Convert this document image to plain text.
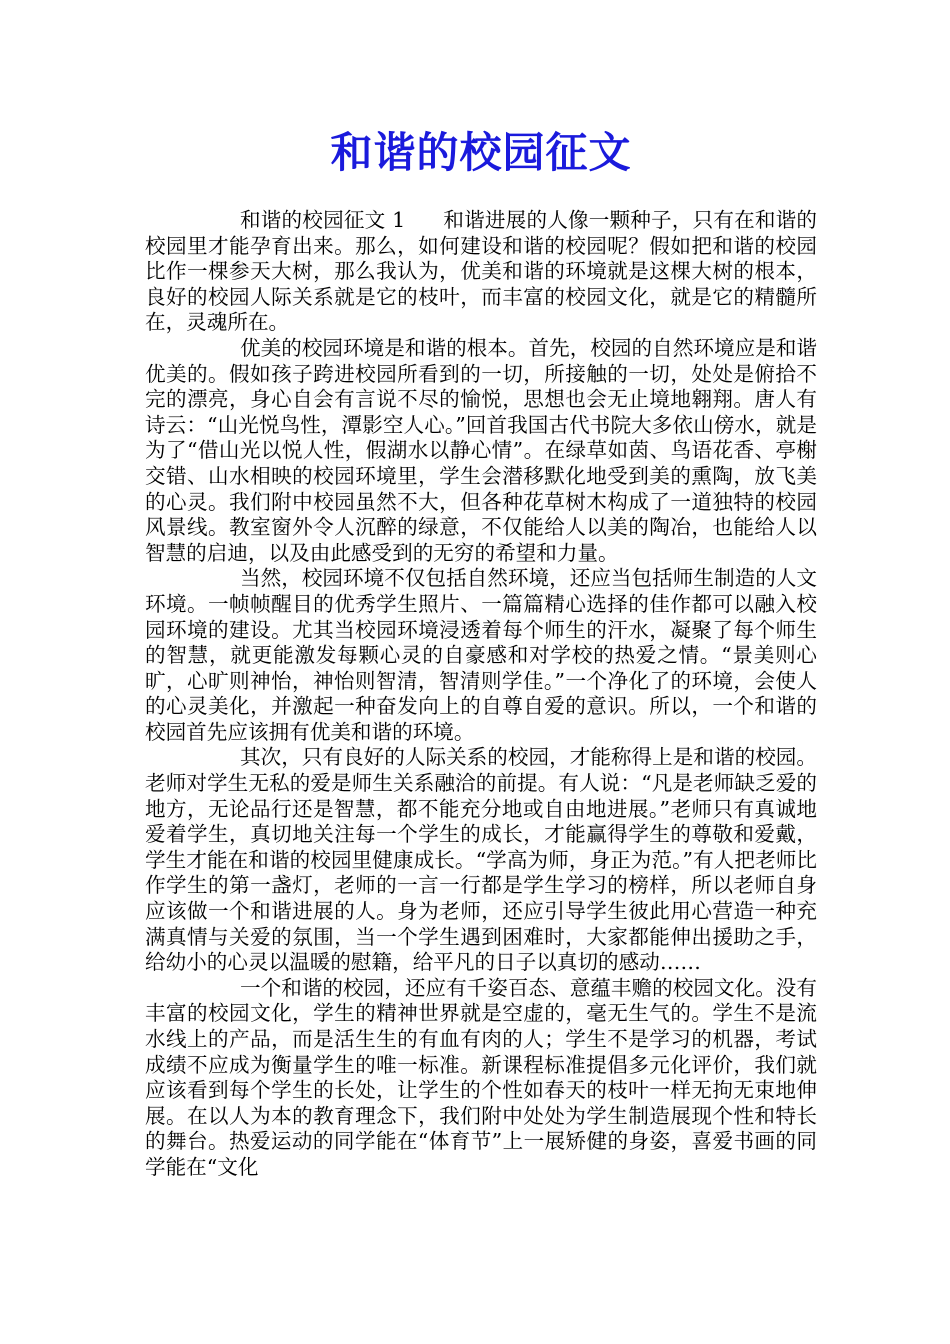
和谐的校园征文

和谐的校园征文 1 和谐进展的人像一颗种子，只有在和谐的校园里才能孕育出来。那么，如何建设和谐的校园呢？假如把和谐的校园比作一棵参天大树，那么我认为，优美和谐的环境就是这棵大树的根本，良好的校园人际关系就是它的枝叶，而丰富的校园文化，就是它的精髓所在，灵魂所在。

优美的校园环境是和谐的根本。首先，校园的自然环境应是和谐优美的。假如孩子跨进校园所看到的一切，所接触的一切，处处是俯拾不完的漂亮，身心自会有言说不尽的愉悦，思想也会无止境地翱翔。唐人有诗云：“山光悦鸟性，潭影空人心。”回首我国古代书院大多依山傍水，就是为了“借山光以悦人性，假湖水以静心情”。在绿草如茵、鸟语花香、亭榭交错、山水相映的校园环境里，学生会潜移默化地受到美的熏陶，放飞美的心灵。我们附中校园虽然不大，但各种花草树木构成了一道独特的校园风景线。教室窗外令人沉醉的绿意，不仅能给人以美的陶冶，也能给人以智慧的启迪，以及由此感受到的无穷的希望和力量。

当然，校园环境不仅包括自然环境，还应当包括师生制造的人文环境。一帧帧醒目的优秀学生照片、一篇篇精心选择的佳作都可以融入校园环境的建设。尤其当校园环境浸透着每个师生的汗水，凝聚了每个师生的智慧，就更能激发每颗心灵的自豪感和对学校的热爱之情。“景美则心旷，心旷则神怡，神怡则智清，智清则学佳。”一个净化了的环境，会使人的心灵美化，并激起一种奋发向上的自尊自爱的意识。所以，一个和谐的校园首先应该拥有优美和谐的环境。

其次，只有良好的人际关系的校园，才能称得上是和谐的校园。老师对学生无私的爱是师生关系融洽的前提。有人说：“凡是老师缺乏爱的地方，无论品行还是智慧，都不能充分地或自由地进展。”老师只有真诚地爱着学生，真切地关注每一个学生的成长，才能赢得学生的尊敬和爱戴，学生才能在和谐的校园里健康成长。“学高为师，身正为范。”有人把老师比作学生的第一盏灯，老师的一言一行都是学生学习的榜样，所以老师自身应该做一个和谐进展的人。身为老师，还应引导学生彼此用心营造一种充满真情与关爱的氛围，当一个学生遇到困难时，大家都能伸出援助之手，给幼小的心灵以温暖的慰籍，给平凡的日子以真切的感动……

一个和谐的校园，还应有千姿百态、意蕴丰赡的校园文化。没有丰富的校园文化，学生的精神世界就是空虚的，毫无生气的。学生不是流水线上的产品，而是活生生的有血有肉的人；学生不是学习的机器，考试成绩不应成为衡量学生的唯一标准。新课程标准提倡多元化评价，我们就应该看到每个学生的长处，让学生的个性如春天的枝叶一样无拘无束地伸展。在以人为本的教育理念下，我们附中处处为学生制造展现个性和特长的舞台。热爱运动的同学能在“体育节”上一展矫健的身姿，喜爱书画的同学能在“文化
